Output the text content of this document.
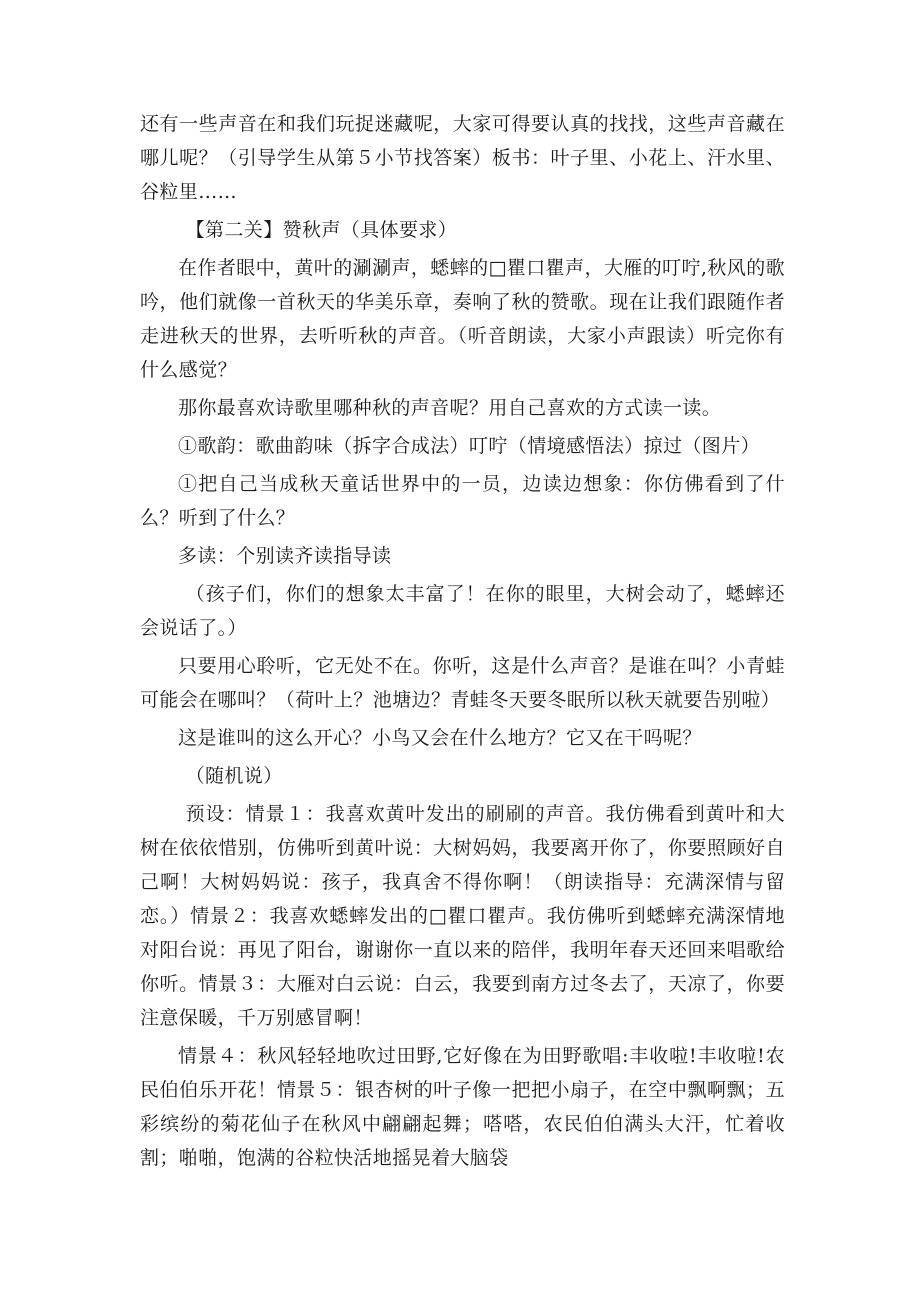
还有一些声音在和我们玩捉迷藏呢，大家可得要认真的找找，这些声音藏在哪儿呢？（引导学生从第５小节找答案）板书：叶子里、小花上、汗水里、谷粒里……

【第二关】赞秋声（具体要求）

在作者眼中，黄叶的涮涮声，蟋蟀的□瞿口瞿声，大雁的叮咛,秋风的歌吟，他们就像一首秋天的华美乐章，奏响了秋的赞歌。现在让我们跟随作者走进秋天的世界，去听听秋的声音。（听音朗读，大家小声跟读）听完你有什么感觉？

那你最喜欢诗歌里哪种秋的声音呢？用自己喜欢的方式读一读。

①歌韵：歌曲韵味（拆字合成法）叮咛（情境感悟法）掠过（图片）

①把自己当成秋天童话世界中的一员，边读边想象：你仿佛看到了什么？听到了什么？

多读：个别读齐读指导读

（孩子们，你们的想象太丰富了！在你的眼里，大树会动了，蟋蟀还会说话了。）

只要用心聆听，它无处不在。你听，这是什么声音？是谁在叫？小青蛙可能会在哪叫？（荷叶上？池塘边？青蛙冬天要冬眠所以秋天就要告别啦）

这是谁叫的这么开心？小鸟又会在什么地方？它又在干吗呢？

（随机说）

预设：情景１：我喜欢黄叶发出的刷刷的声音。我仿佛看到黄叶和大树在依依惜别，仿佛听到黄叶说：大树妈妈，我要离开你了，你要照顾好自己啊！大树妈妈说：孩子，我真舍不得你啊！（朗读指导：充满深情与留恋。）情景２：我喜欢蟋蟀发出的□瞿口瞿声。我仿佛听到蟋蟀充满深情地对阳台说：再见了阳台，谢谢你一直以来的陪伴，我明年春天还回来唱歌给你听。情景３：大雁对白云说：白云，我要到南方过冬去了，天凉了，你要注意保暖，千万别感冒啊！

情景４：秋风轻轻地吹过田野,它好像在为田野歌唱:丰收啦!丰收啦!农民伯伯乐开花！情景５：银杏树的叶子像一把把小扇子，在空中飘啊飘；五彩缤纷的菊花仙子在秋风中翩翩起舞；嗒嗒，农民伯伯满头大汗，忙着收割；啪啪，饱满的谷粒快活地摇晃着大脑袋
